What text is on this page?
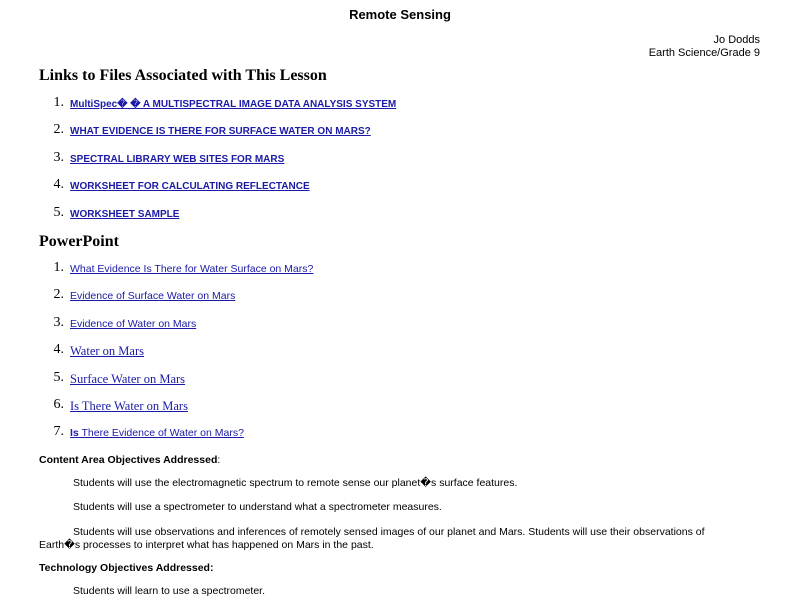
Remote Sensing
Jo Dodds
Earth Science/Grade 9
Links to Files Associated with This Lesson
1. MultiSpec� � A MULTISPECTRAL IMAGE DATA ANALYSIS SYSTEM
2. WHAT EVIDENCE IS THERE FOR SURFACE WATER ON MARS?
3. SPECTRAL LIBRARY WEB SITES FOR MARS
4. WORKSHEET FOR CALCULATING REFLECTANCE
5. WORKSHEET SAMPLE
PowerPoint
1. What Evidence Is There for Water Surface on Mars?
2. Evidence of Surface Water on Mars
3. Evidence of Water on Mars
4. Water on Mars
5. Surface Water on Mars
6. Is There Water on Mars
7. Is There Evidence of Water on Mars?
Content Area Objectives Addressed:
Students will use the electromagnetic spectrum to remote sense our planet�s surface features.
Students will use a spectrometer to understand what a spectrometer measures.
Students will use observations and inferences of remotely sensed images of our planet and Mars. Students will use their observations of Earth�s processes to interpret what has happened on Mars in the past.
Technology Objectives Addressed:
Students will learn to use a spectrometer.
